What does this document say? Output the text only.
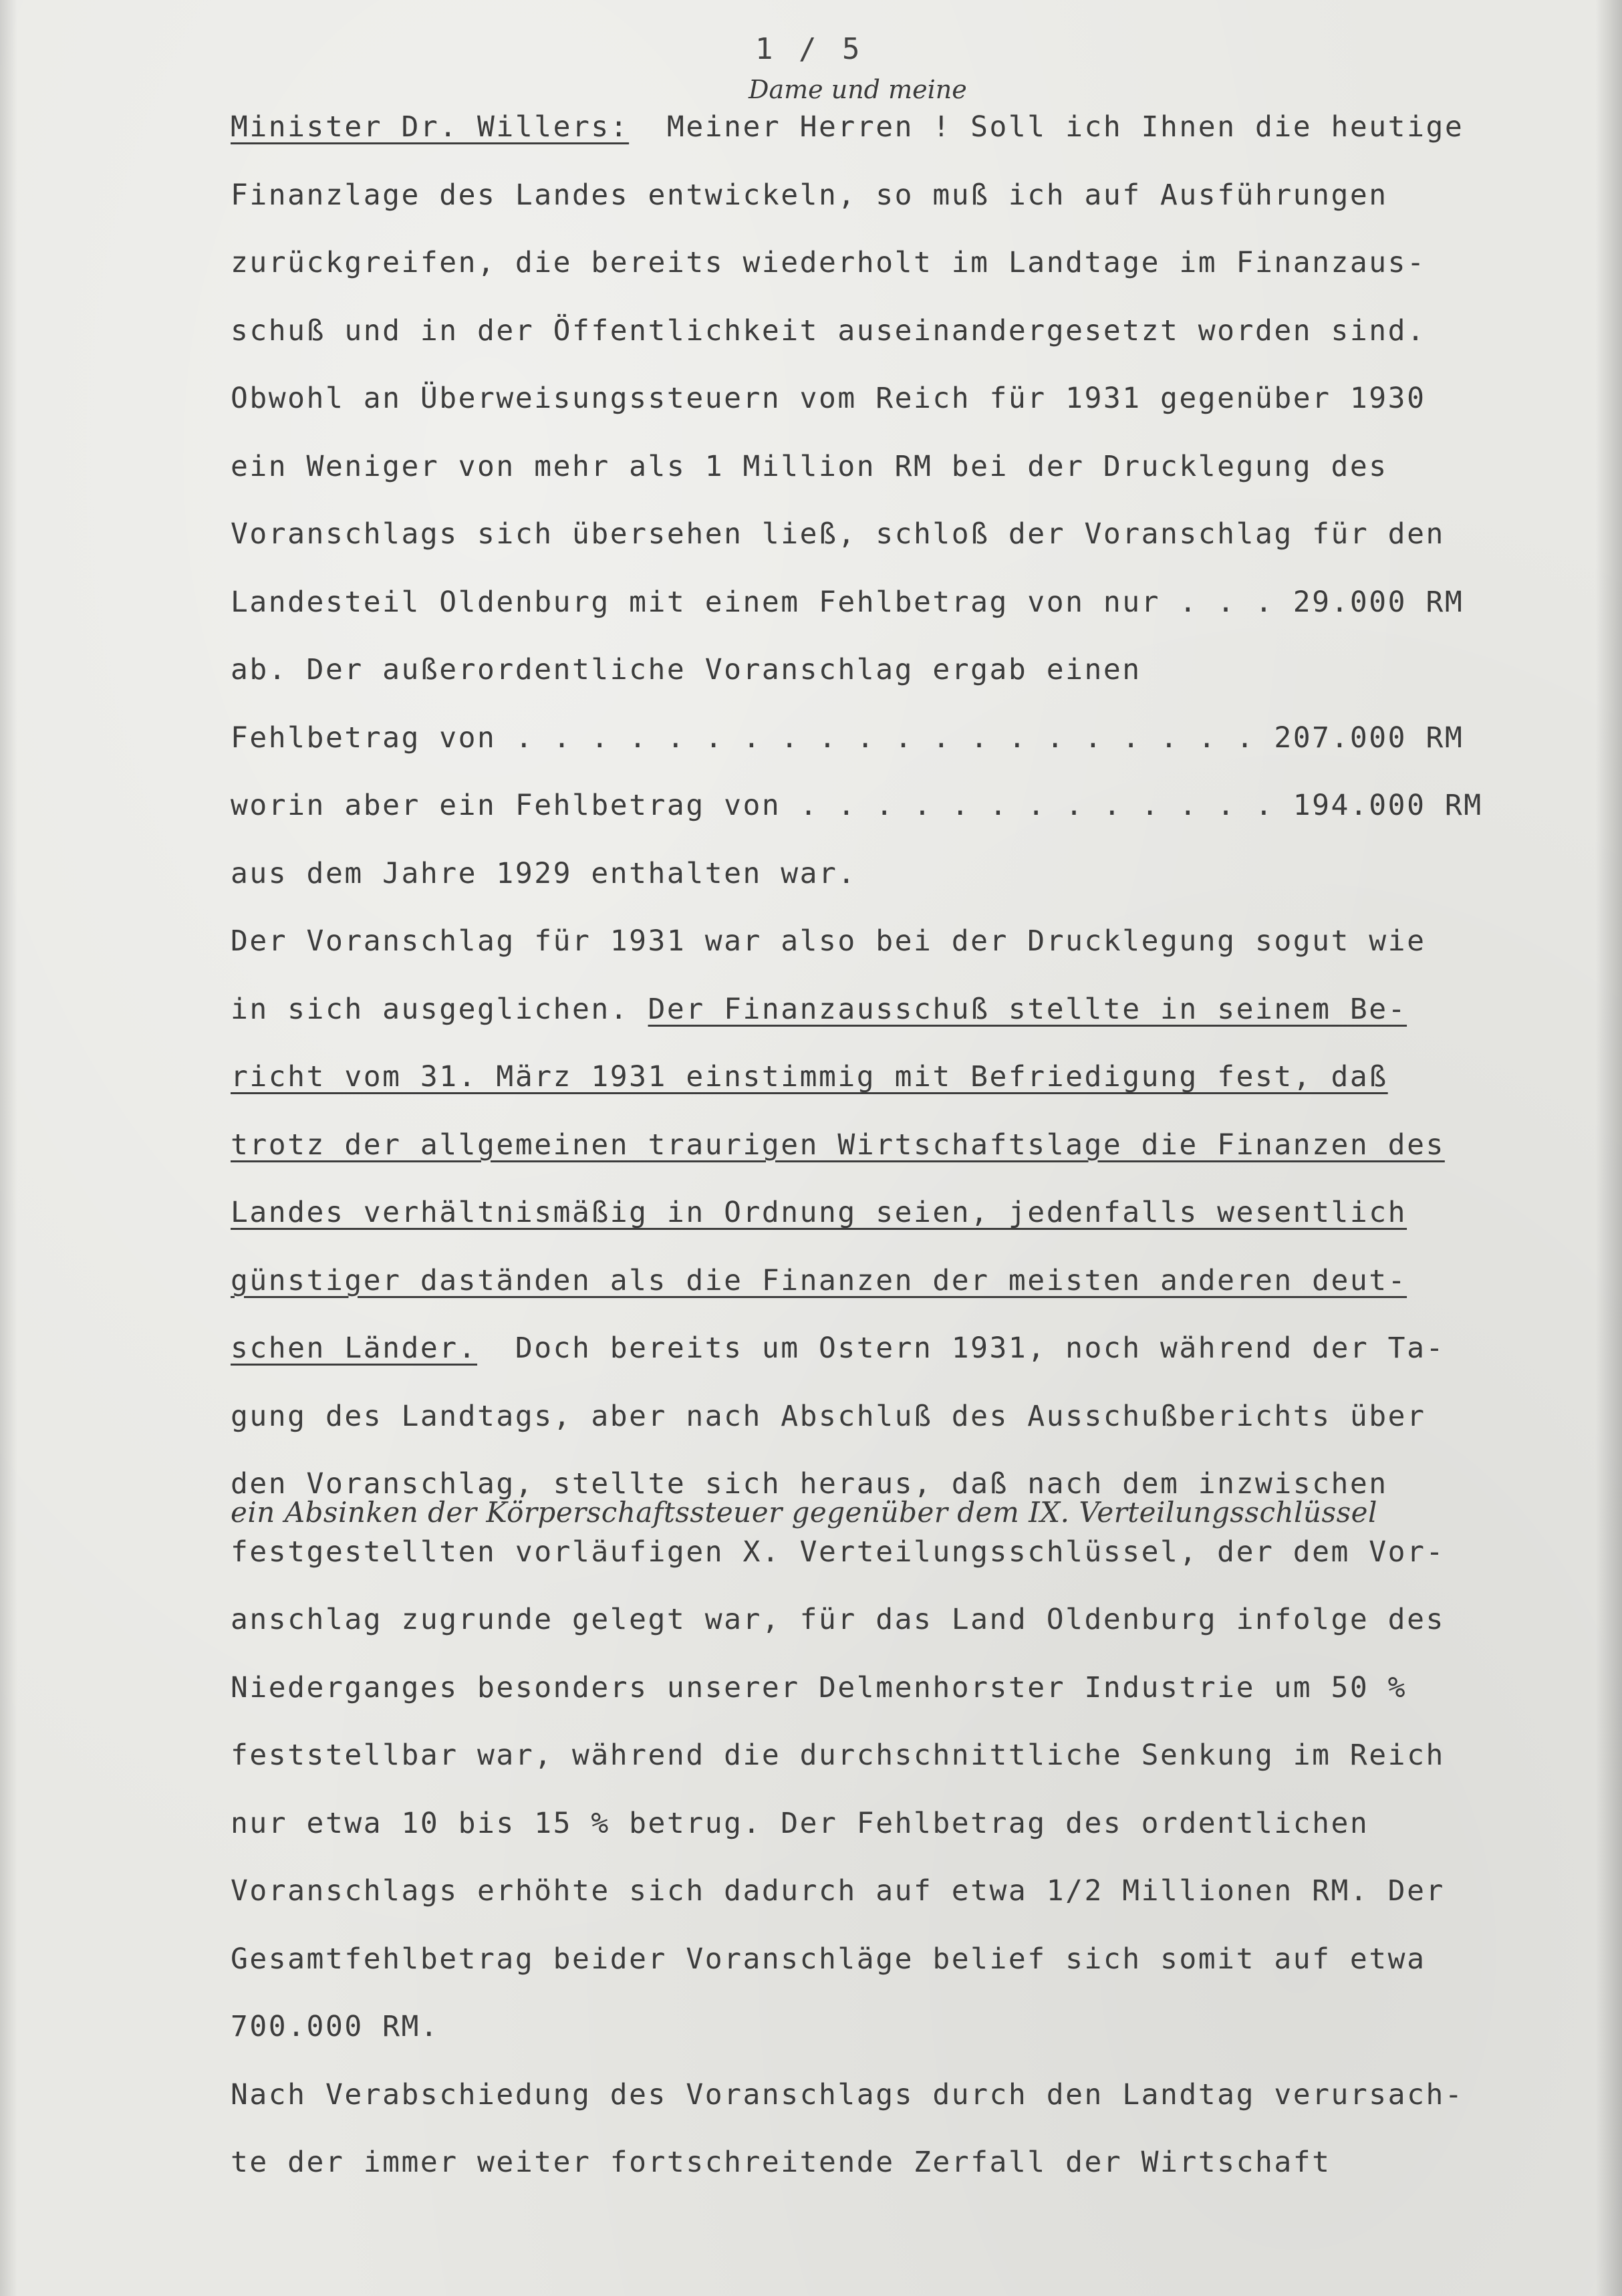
1 / 5
Dame und meine
ein Absinken der Körperschaftssteuer gegenüber dem IX. Verteilungsschlüssel
Minister Dr. Willers:  Meiner Herren ! Soll ich Ihnen die heutige
Finanzlage des Landes entwickeln, so muß ich auf Ausführungen
zurückgreifen, die bereits wiederholt im Landtage im Finanzaus-
schuß und in der Öffentlichkeit auseinandergesetzt worden sind.
Obwohl an Überweisungssteuern vom Reich für 1931 gegenüber 1930
ein Weniger von mehr als 1 Million RM bei der Drucklegung des
Voranschlags sich übersehen ließ, schloß der Voranschlag für den
Landesteil Oldenburg mit einem Fehlbetrag von nur . . . 29.000 RM
ab. Der außerordentliche Voranschlag ergab einen
Fehlbetrag von . . . . . . . . . . . . . . . . . . . . 207.000 RM
worin aber ein Fehlbetrag von . . . . . . . . . . . . . 194.000 RM
aus dem Jahre 1929 enthalten war.
Der Voranschlag für 1931 war also bei der Drucklegung sogut wie
in sich ausgeglichen. Der Finanzausschuß stellte in seinem Be-
richt vom 31. März 1931 einstimmig mit Befriedigung fest, daß
trotz der allgemeinen traurigen Wirtschaftslage die Finanzen des
Landes verhältnismäßig in Ordnung seien, jedenfalls wesentlich
günstiger daständen als die Finanzen der meisten anderen deut-
schen Länder.  Doch bereits um Ostern 1931, noch während der Ta-
gung des Landtags, aber nach Abschluß des Ausschußberichts über
den Voranschlag, stellte sich heraus, daß nach dem inzwischen
festgestellten vorläufigen X. Verteilungsschlüssel, der dem Vor-
anschlag zugrunde gelegt war, für das Land Oldenburg infolge des
Niederganges besonders unserer Delmenhorster Industrie um 50 %
feststellbar war, während die durchschnittliche Senkung im Reich
nur etwa 10 bis 15 % betrug. Der Fehlbetrag des ordentlichen
Voranschlags erhöhte sich dadurch auf etwa 1/2 Millionen RM. Der
Gesamtfehlbetrag beider Voranschläge belief sich somit auf etwa
700.000 RM.
Nach Verabschiedung des Voranschlags durch den Landtag verursach-
te der immer weiter fortschreitende Zerfall der Wirtschaft
